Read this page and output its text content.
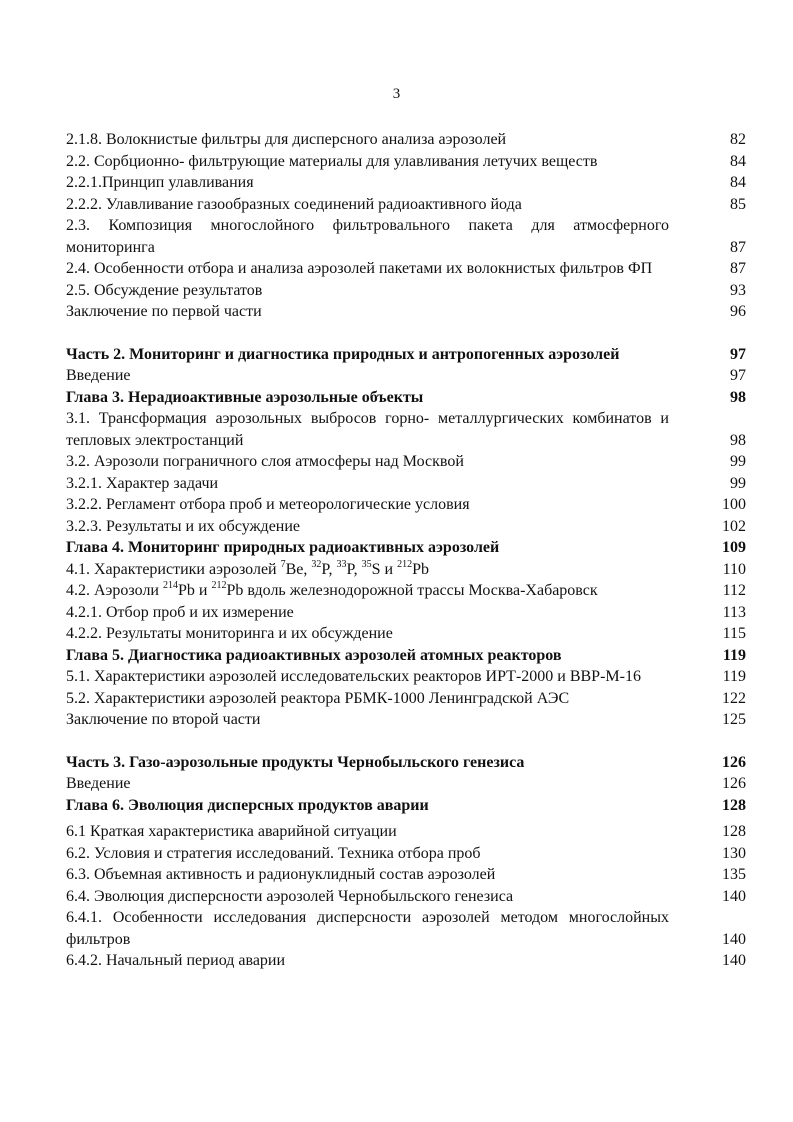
3
2.1.8. Волокнистые фильтры для дисперсного анализа аэрозолей	82
2.2. Сорбционно- фильтрующие материалы для улавливания летучих веществ	84
2.2.1.Принцип улавливания	84
2.2.2. Улавливание газообразных соединений радиоактивного йода	85
2.3. Композиция многослойного фильтровального пакета для атмосферного мониторинга	87
2.4. Особенности отбора и анализа аэрозолей пакетами их волокнистых фильтров ФП	87
2.5. Обсуждение результатов	93
Заключение по первой части	96
Часть 2. Мониторинг и диагностика природных и антропогенных аэрозолей	97
Введение	97
Глава 3. Нерадиоактивные аэрозольные объекты	98
3.1. Трансформация аэрозольных выбросов горно- металлургических комбинатов и тепловых электростанций	98
3.2. Аэрозоли пограничного слоя атмосферы над Москвой	99
3.2.1. Характер задачи	99
3.2.2. Регламент отбора проб и метеорологические условия	100
3.2.3. Результаты и их обсуждение	102
Глава 4. Мониторинг природных радиоактивных аэрозолей	109
4.1. Характеристики аэрозолей $^7$Be, $^{32}$P, $^{33}$P, $^{35}$S и $^{212}$Pb	110
4.2. Аэрозоли $^{214}$Pb и $^{212}$Pb вдоль железнодорожной трассы Москва-Хабаровск	112
4.2.1. Отбор проб и их измерение	113
4.2.2. Результаты мониторинга и их обсуждение	115
Глава 5. Диагностика радиоактивных аэрозолей атомных реакторов	119
5.1. Характеристики аэрозолей исследовательских реакторов ИРТ-2000 и ВВР-М-16	119
5.2. Характеристики аэрозолей реактора РБМК-1000 Ленинградской АЭС	122
Заключение по второй части	125
Часть 3. Газо-аэрозольные продукты Чернобыльского генезиса	126
Введение	126
Глава 6. Эволюция дисперсных продуктов аварии	128
6.1 Краткая характеристика аварийной ситуации	128
6.2. Условия и стратегия исследований. Техника отбора проб	130
6.3. Объемная активность и радионуклидный состав аэрозолей	135
6.4. Эволюция дисперсности аэрозолей Чернобыльского генезиса	140
6.4.1. Особенности исследования дисперсности аэрозолей методом многослойных фильтров	140
6.4.2. Начальный период аварии	140
